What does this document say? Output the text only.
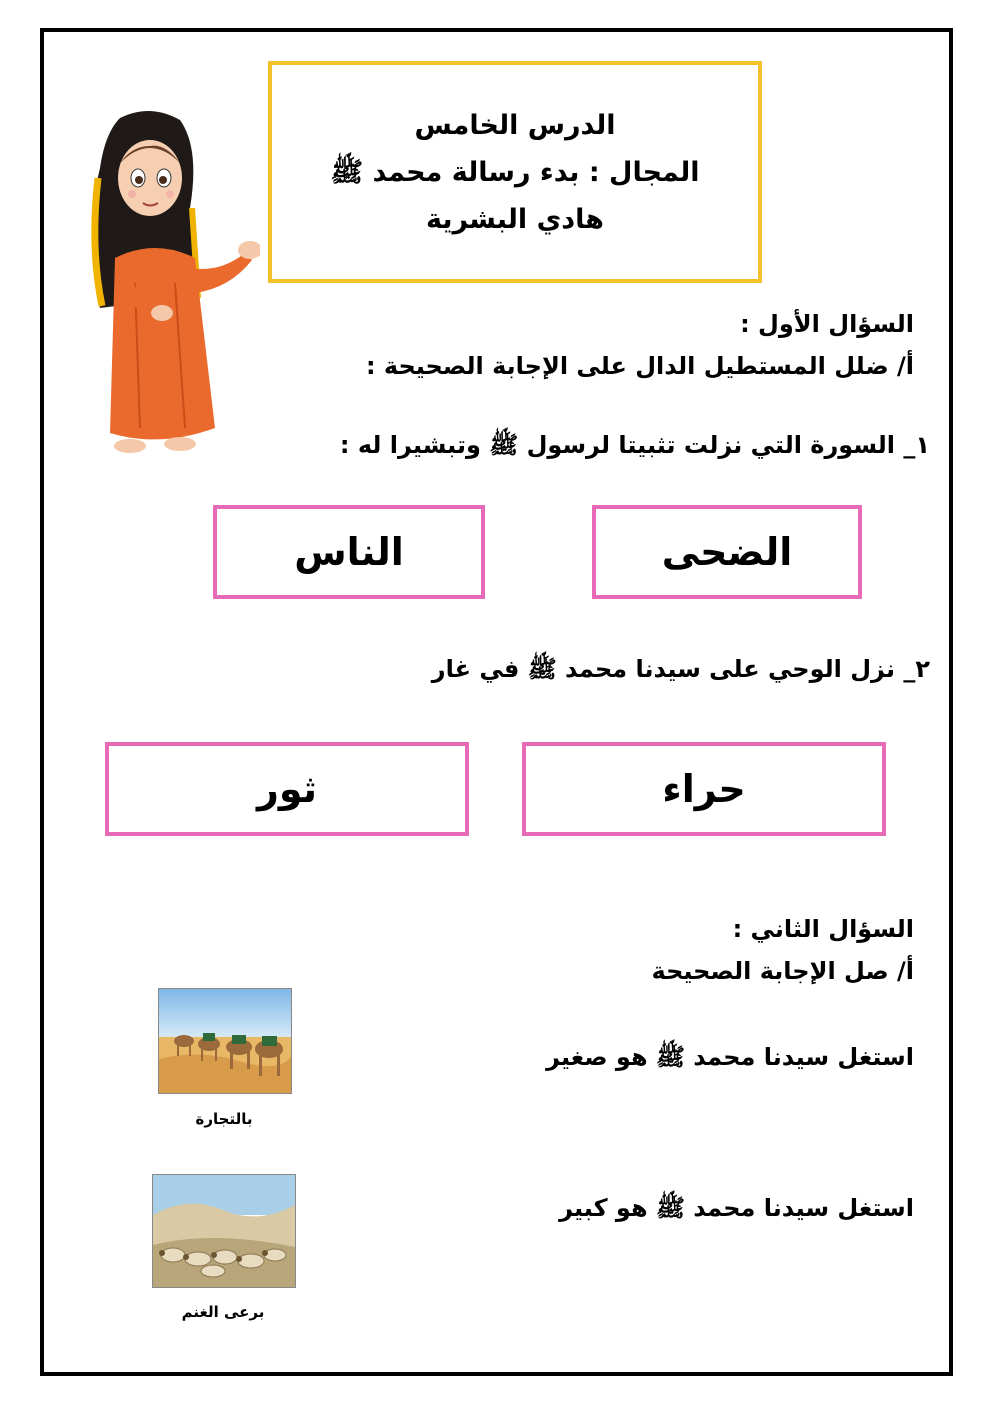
الدرس الخامس
المجال : بدء رسالة محمد ﷺ
هادي البشرية
السؤال الأول :
أ/ ضلل المستطيل الدال على الإجابة الصحيحة :
١_ السورة التي نزلت تثبيتا لرسول ﷺ وتبشيرا له :
الضحى
الناس
٢_ نزل الوحي على سيدنا محمد ﷺ في غار
حراء
ثور
السؤال الثاني :
أ/ صل الإجابة الصحيحة
استغل سيدنا محمد ﷺ هو صغير
استغل سيدنا محمد ﷺ هو كبير
بالتجارة
برعى الغنم
